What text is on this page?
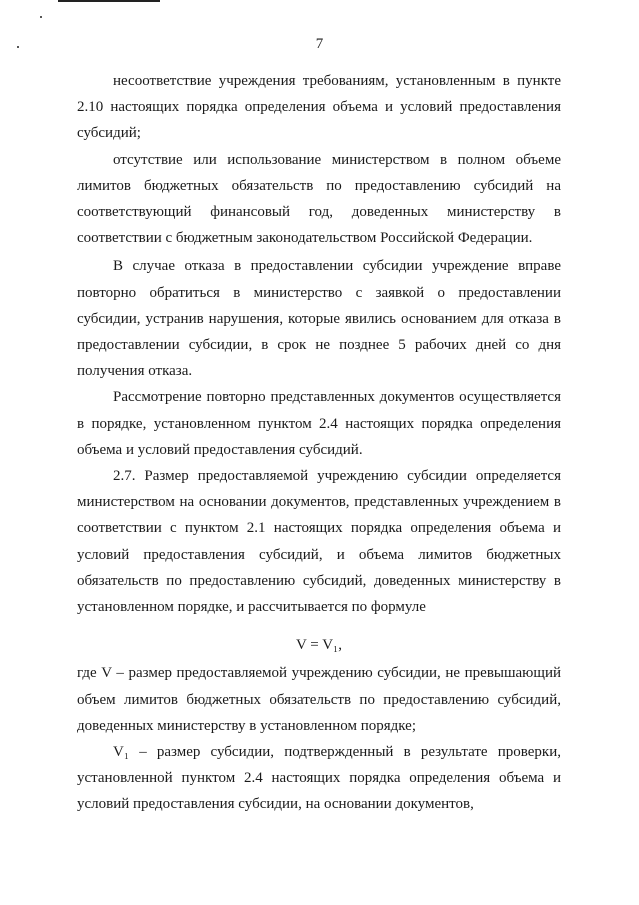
7

несоответствие учреждения требованиям, установленным в пункте 2.10 настоящих порядка определения объема и условий предоставления субсидий;

отсутствие или использование министерством в полном объеме лимитов бюджетных обязательств по предоставлению субсидий на соответствующий финансовый год, доведенных министерству в соответствии с бюджетным законодательством Российской Федерации.

В случае отказа в предоставлении субсидии учреждение вправе повторно обратиться в министерство с заявкой о предоставлении субсидии, устранив нарушения, которые явились основанием для отказа в предоставлении субсидии, в срок не позднее 5 рабочих дней со дня получения отказа.

Рассмотрение повторно представленных документов осуществляется в порядке, установленном пунктом 2.4 настоящих порядка определения объема и условий предоставления субсидий.

2.7. Размер предоставляемой учреждению субсидии определяется министерством на основании документов, представленных учреждением в соответствии с пунктом 2.1 настоящих порядка определения объема и условий предоставления субсидий, и объема лимитов бюджетных обязательств по предоставлению субсидий, доведенных министерству в установленном порядке, и рассчитывается по формуле

V = V₁,

где V – размер предоставляемой учреждению субсидии, не превышающий объем лимитов бюджетных обязательств по предоставлению субсидий, доведенных министерству в установленном порядке;

V₁ – размер субсидии, подтвержденный в результате проверки, установленной пунктом 2.4 настоящих порядка определения объема и условий предоставления субсидии, на основании документов,
